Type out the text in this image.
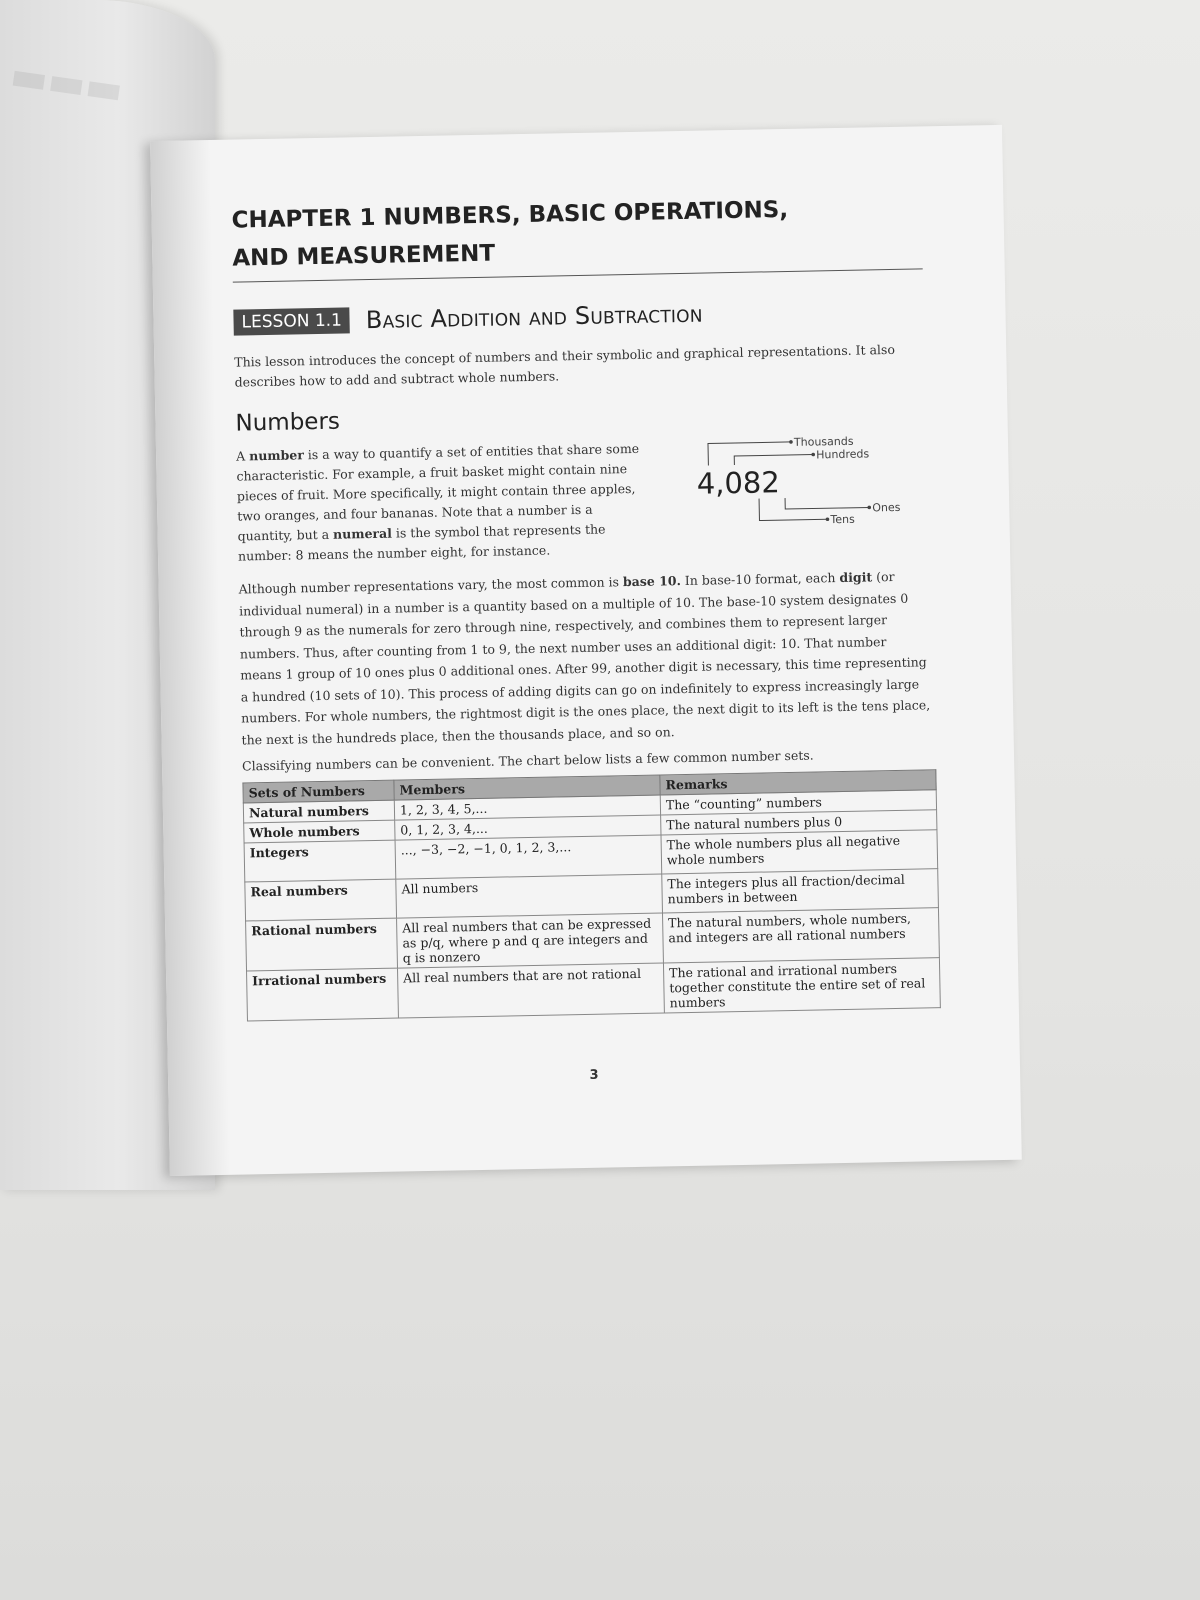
▬▬▬
CHAPTER 1 NUMBERS, BASIC OPERATIONS,
AND MEASUREMENT
LESSON 1.1 Basic Addition and Subtraction

This lesson introduces the concept of numbers and their symbolic and graphical representations. It also describes how to add and subtract whole numbers.

Numbers

A number is a way to quantify a set of entities that share some characteristic. For example, a fruit basket might contain nine pieces of fruit. More specifically, it might contain three apples, two oranges, and four bananas. Note that a number is a quantity, but a numeral is the symbol that represents the number: 8 means the number eight, for instance.

4,082
Thousands
Hundreds
Ones
Tens

Although number representations vary, the most common is base 10. In base-10 format, each digit (or individual numeral) in a number is a quantity based on a multiple of 10. The base-10 system designates 0 through 9 as the numerals for zero through nine, respectively, and combines them to represent larger numbers. Thus, after counting from 1 to 9, the next number uses an additional digit: 10. That number means 1 group of 10 ones plus 0 additional ones. After 99, another digit is necessary, this time representing a hundred (10 sets of 10). This process of adding digits can go on indefinitely to express increasingly large numbers. For whole numbers, the rightmost digit is the ones place, the next digit to its left is the tens place, the next is the hundreds place, then the thousands place, and so on.

Classifying numbers can be convenient. The chart below lists a few common number sets.

Sets of Numbers	Members	Remarks
Natural numbers	1, 2, 3, 4, 5,...	The “counting” numbers
Whole numbers	0, 1, 2, 3, 4,...	The natural numbers plus 0
Integers	..., −3, −2, −1, 0, 1, 2, 3,...	The whole numbers plus all negative whole numbers
Real numbers	All numbers	The integers plus all fraction/decimal numbers in between
Rational numbers	All real numbers that can be expressed as p/q, where p and q are integers and q is nonzero	The natural numbers, whole numbers, and integers are all rational numbers
Irrational numbers	All real numbers that are not rational	The rational and irrational numbers together constitute the entire set of real numbers
3
